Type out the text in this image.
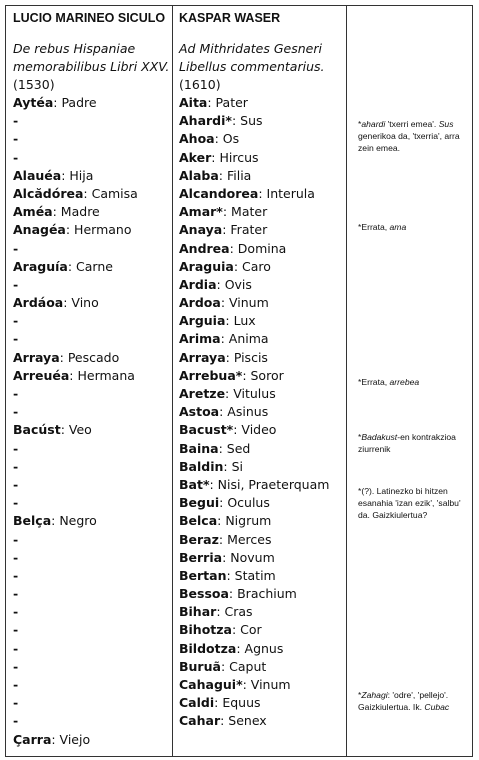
LUCIO MARINEO SICULO
De rebus Hispaniae
memorabilibus Libri XXV.
(1530)
Aytéa: Padre
-
-
-
Alauéa: Hija
Alcădórea: Camisa
Améa: Madre
Anagéa: Hermano
-
Araguía: Carne
-
Ardáoa: Vino
-
-
Arraya: Pescado
Arreuéa: Hermana
-
-
Bacúst: Veo
-
-
-
-
Belça: Negro
-
-
-
-
-
-
-
-
-
-
-
Çarra: Viejo
KASPAR WASER
Ad Mithridates Gesneri
Libellus commentarius.
(1610)
Aita: Pater
Ahardi*: Sus
Ahoa: Os
Aker: Hircus
Alaba: Filia
Alcandorea: Interula
Amar*: Mater
Anaya: Frater
Andrea: Domina
Araguia: Caro
Ardia: Ovis
Ardoa: Vinum
Arguia: Lux
Arima: Anima
Arraya: Piscis
Arrebua*: Soror
Aretze: Vitulus
Astoa: Asinus
Bacust*: Video
Baina: Sed
Baldin: Si
Bat*: Nisi, Praeterquam
Begui: Oculus
Belca: Nigrum
Beraz: Merces
Berria: Novum
Bertan: Statim
Bessoa: Brachium
Bihar: Cras
Bihotza: Cor
Bildotza: Agnus
Buruã: Caput
Cahagui*: Vinum
Caldi: Equus
Cahar: Senex
*ahardi 'txerri emea'. Sus generikoa da, 'txerria', arra zein emea.
*Errata, ama
*Errata, arrebea
*Badakust-en kontrakzioa ziurrenik
*(?). Latinezko bi hitzen esanahia 'izan ezik', 'salbu' da. Gaizkiulertua?
*Zahagi: 'odre', 'pellejo'. Gaizkiulertua. Ik. Cubac
